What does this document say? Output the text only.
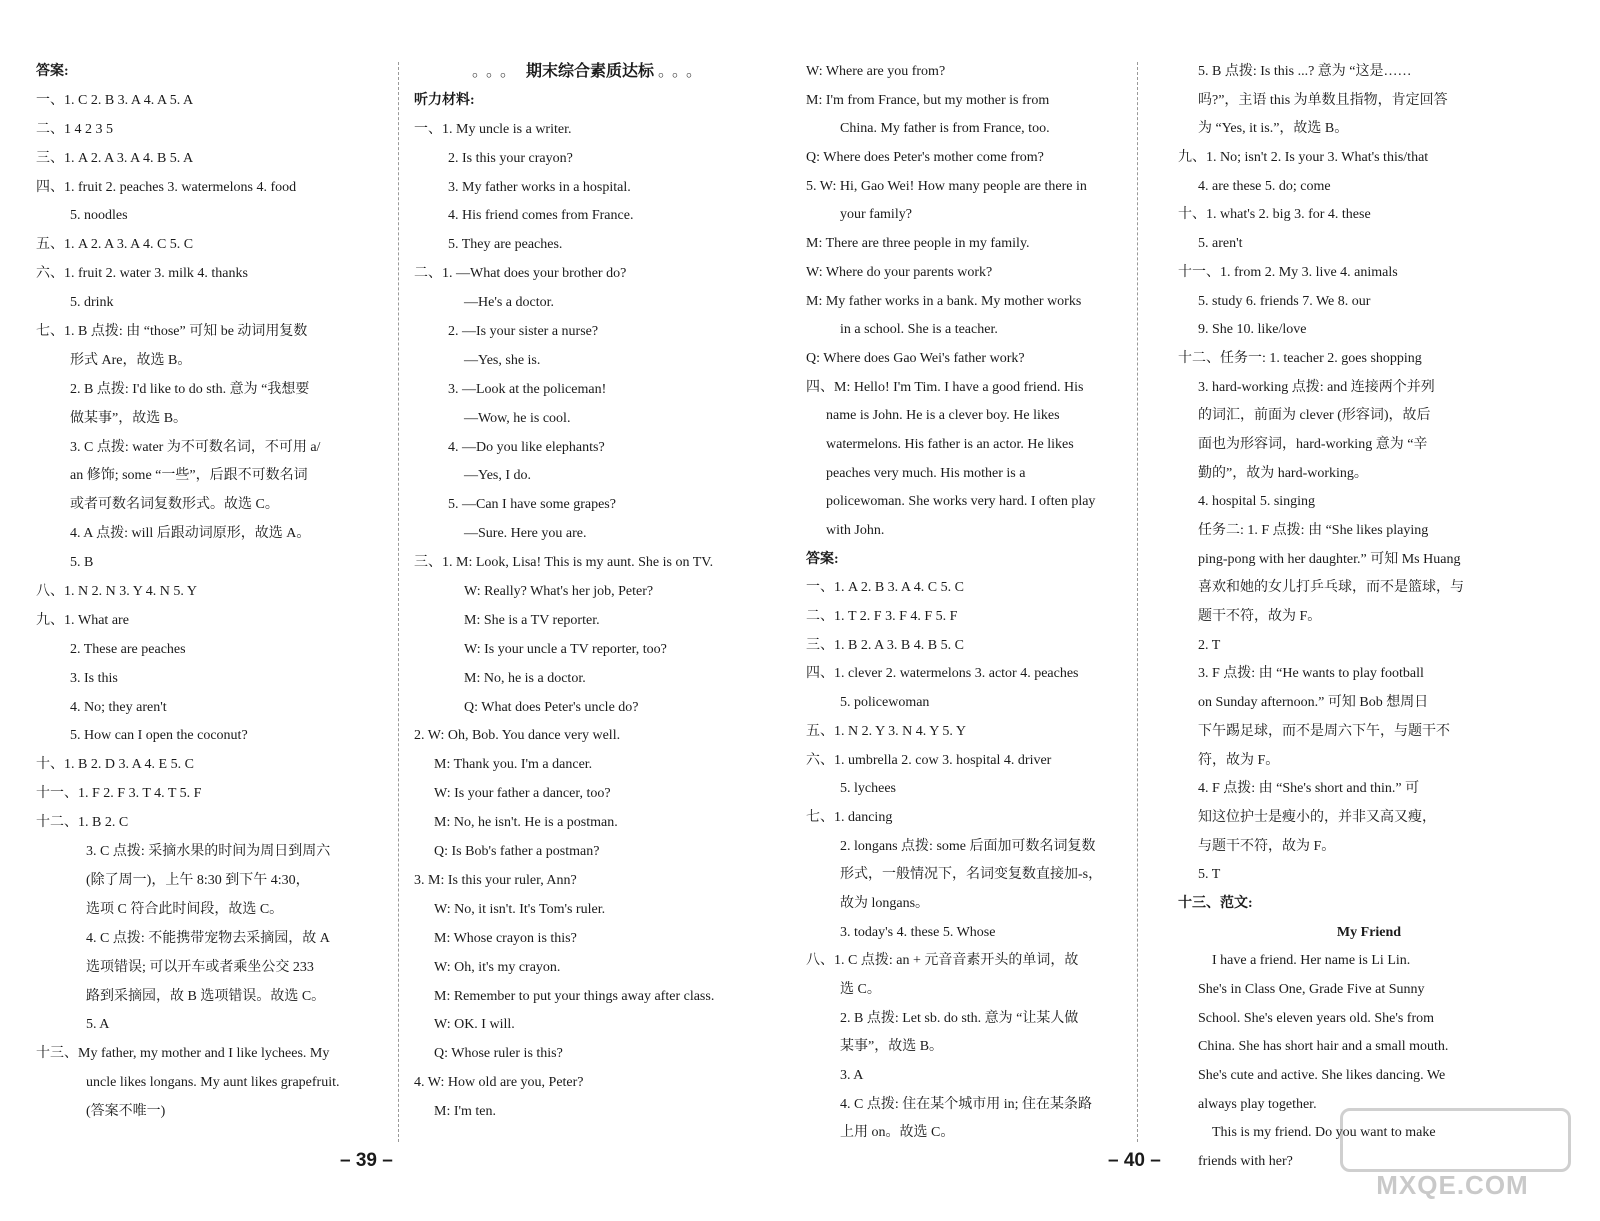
答案:
一、1. C 2. B 3. A 4. A 5. A
二、1 4 2 3 5
三、1. A 2. A 3. A 4. B 5. A
四、1. fruit 2. peaches 3. watermelons 4. food
5. noodles
五、1. A 2. A 3. A 4. C 5. C
六、1. fruit 2. water 3. milk 4. thanks
5. drink
七、1. B 点拨: 由 “those” 可知 be 动词用复数
形式 Are，故选 B。
2. B 点拨: I'd like to do sth. 意为 “我想要
做某事”，故选 B。
3. C 点拨: water 为不可数名词，不可用 a/
an 修饰; some “一些”，后跟不可数名词
或者可数名词复数形式。故选 C。
4. A 点拨: will 后跟动词原形，故选 A。
5. B
八、1. N 2. N 3. Y 4. N 5. Y
九、1. What are
2. These are peaches
3. Is this
4. No; they aren't
5. How can I open the coconut?
十、1. B 2. D 3. A 4. E 5. C
十一、1. F 2. F 3. T 4. T 5. F
十二、1. B 2. C
3. C 点拨: 采摘水果的时间为周日到周六
(除了周一)，上午 8:30 到下午 4:30，
选项 C 符合此时间段，故选 C。
4. C 点拨: 不能携带宠物去采摘园，故 A
选项错误; 可以开车或者乘坐公交 233
路到采摘园，故 B 选项错误。故选 C。
5. A
十三、My father, my mother and I like lychees. My
uncle likes longans. My aunt likes grapefruit.
(答案不唯一)
。。。 期末综合素质达标 。。。
听力材料:
一、1. My uncle is a writer.
2. Is this your crayon?
3. My father works in a hospital.
4. His friend comes from France.
5. They are peaches.
二、1. —What does your brother do?
—He's a doctor.
2. —Is your sister a nurse?
—Yes, she is.
3. —Look at the policeman!
—Wow, he is cool.
4. —Do you like elephants?
—Yes, I do.
5. —Can I have some grapes?
—Sure. Here you are.
三、1. M: Look, Lisa! This is my aunt. She is on TV.
W: Really? What's her job, Peter?
M: She is a TV reporter.
W: Is your uncle a TV reporter, too?
M: No, he is a doctor.
Q: What does Peter's uncle do?
2. W: Oh, Bob. You dance very well.
M: Thank you. I'm a dancer.
W: Is your father a dancer, too?
M: No, he isn't. He is a postman.
Q: Is Bob's father a postman?
3. M: Is this your ruler, Ann?
W: No, it isn't. It's Tom's ruler.
M: Whose crayon is this?
W: Oh, it's my crayon.
M: Remember to put your things away after class.
W: OK. I will.
Q: Whose ruler is this?
4. W: How old are you, Peter?
M: I'm ten.
W: Where are you from?
M: I'm from France, but my mother is from
China. My father is from France, too.
Q: Where does Peter's mother come from?
5. W: Hi, Gao Wei! How many people are there in
your family?
M: There are three people in my family.
W: Where do your parents work?
M: My father works in a bank. My mother works
in a school. She is a teacher.
Q: Where does Gao Wei's father work?
四、M: Hello! I'm Tim. I have a good friend. His
name is John. He is a clever boy. He likes
watermelons. His father is an actor. He likes
peaches very much. His mother is a
policewoman. She works very hard. I often play
with John.
答案:
一、1. A 2. B 3. A 4. C 5. C
二、1. T 2. F 3. F 4. F 5. F
三、1. B 2. A 3. B 4. B 5. C
四、1. clever 2. watermelons 3. actor 4. peaches
5. policewoman
五、1. N 2. Y 3. N 4. Y 5. Y
六、1. umbrella 2. cow 3. hospital 4. driver
5. lychees
七、1. dancing
2. longans 点拨: some 后面加可数名词复数
形式，一般情况下，名词变复数直接加-s，
故为 longans。
3. today's 4. these 5. Whose
八、1. C 点拨: an + 元音音素开头的单词，故
选 C。
2. B 点拨: Let sb. do sth. 意为 “让某人做
某事”，故选 B。
3. A
4. C 点拨: 住在某个城市用 in; 住在某条路
上用 on。故选 C。
5. B 点拨: Is this ...? 意为 “这是……
吗?”，主语 this 为单数且指物，肯定回答
为 “Yes, it is.”，故选 B。
九、1. No; isn't 2. Is your 3. What's this/that
4. are these 5. do; come
十、1. what's 2. big 3. for 4. these
5. aren't
十一、1. from 2. My 3. live 4. animals
5. study 6. friends 7. We 8. our
9. She 10. like/love
十二、任务一: 1. teacher 2. goes shopping
3. hard-working 点拨: and 连接两个并列
的词汇，前面为 clever (形容词)，故后
面也为形容词，hard-working 意为 “辛
勤的”，故为 hard-working。
4. hospital 5. singing
任务二: 1. F 点拨: 由 “She likes playing
ping-pong with her daughter.” 可知 Ms Huang
喜欢和她的女儿打乒乓球，而不是篮球，与
题干不符，故为 F。
2. T
3. F 点拨: 由 “He wants to play football
on Sunday afternoon.” 可知 Bob 想周日
下午踢足球，而不是周六下午，与题干不
符，故为 F。
4. F 点拨: 由 “She's short and thin.” 可
知这位护士是瘦小的，并非又高又瘦，
与题干不符，故为 F。
5. T
十三、范文:
My Friend
I have a friend. Her name is Li Lin.
She's in Class One, Grade Five at Sunny
School. She's eleven years old. She's from
China. She has short hair and a small mouth.
She's cute and active. She likes dancing. We
always play together.
This is my friend. Do you want to make
friends with her?
– 39 –	– 40 –
MXQE.COM
